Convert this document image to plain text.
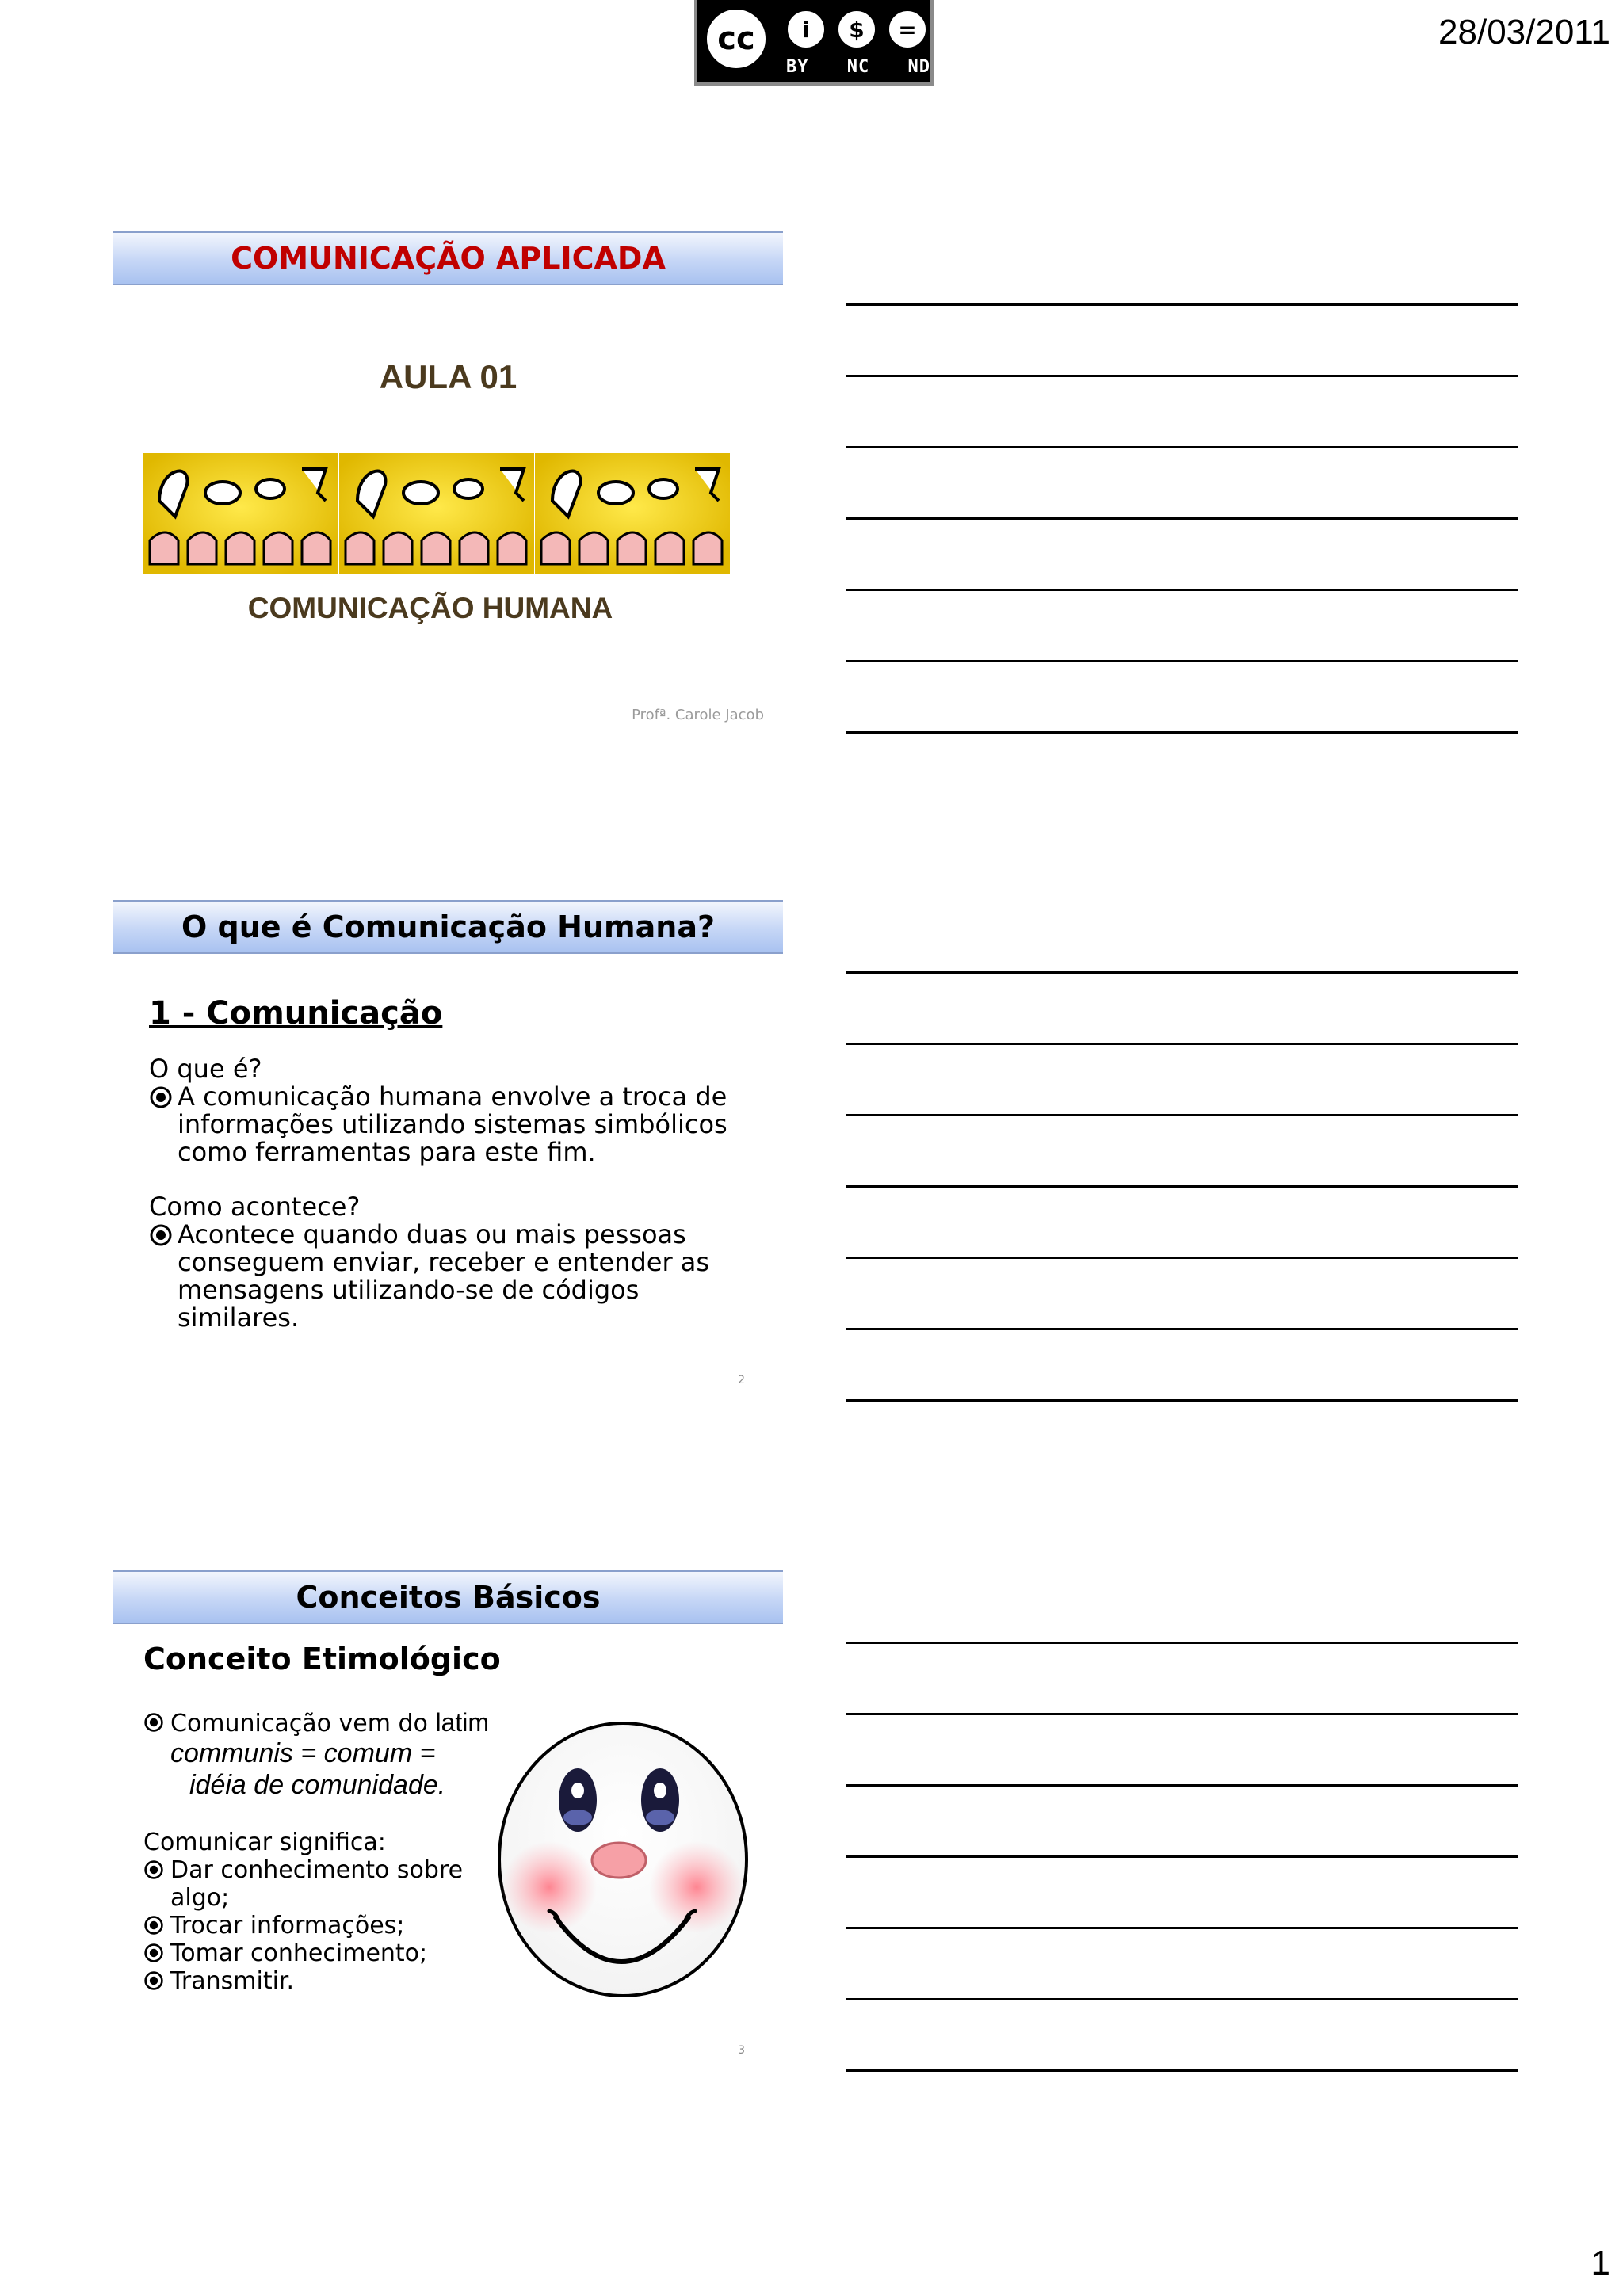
cc	i	$	=
BY NC ND
28/03/2011
COMUNICAÇÃO APLICADA
AULA 01
COMUNICAÇÃO HUMANA
Profª. Carole Jacob
O que é Comunicação Humana?
1 - Comunicação
O que é?
A comunicação humana envolve a troca de informações utilizando sistemas simbólicos como ferramentas para este fim.
Como acontece?
Acontece quando duas ou mais pessoas conseguem enviar, receber e entender as mensagens utilizando-se de códigos similares.
2
Conceitos Básicos
Conceito Etimológico
Comunicação vem do latim
communis = comum =
idéia de comunidade.
Comunicar significa:
Dar conhecimento sobre algo;
Trocar informações;
Tomar conhecimento;
Transmitir.
3
1
